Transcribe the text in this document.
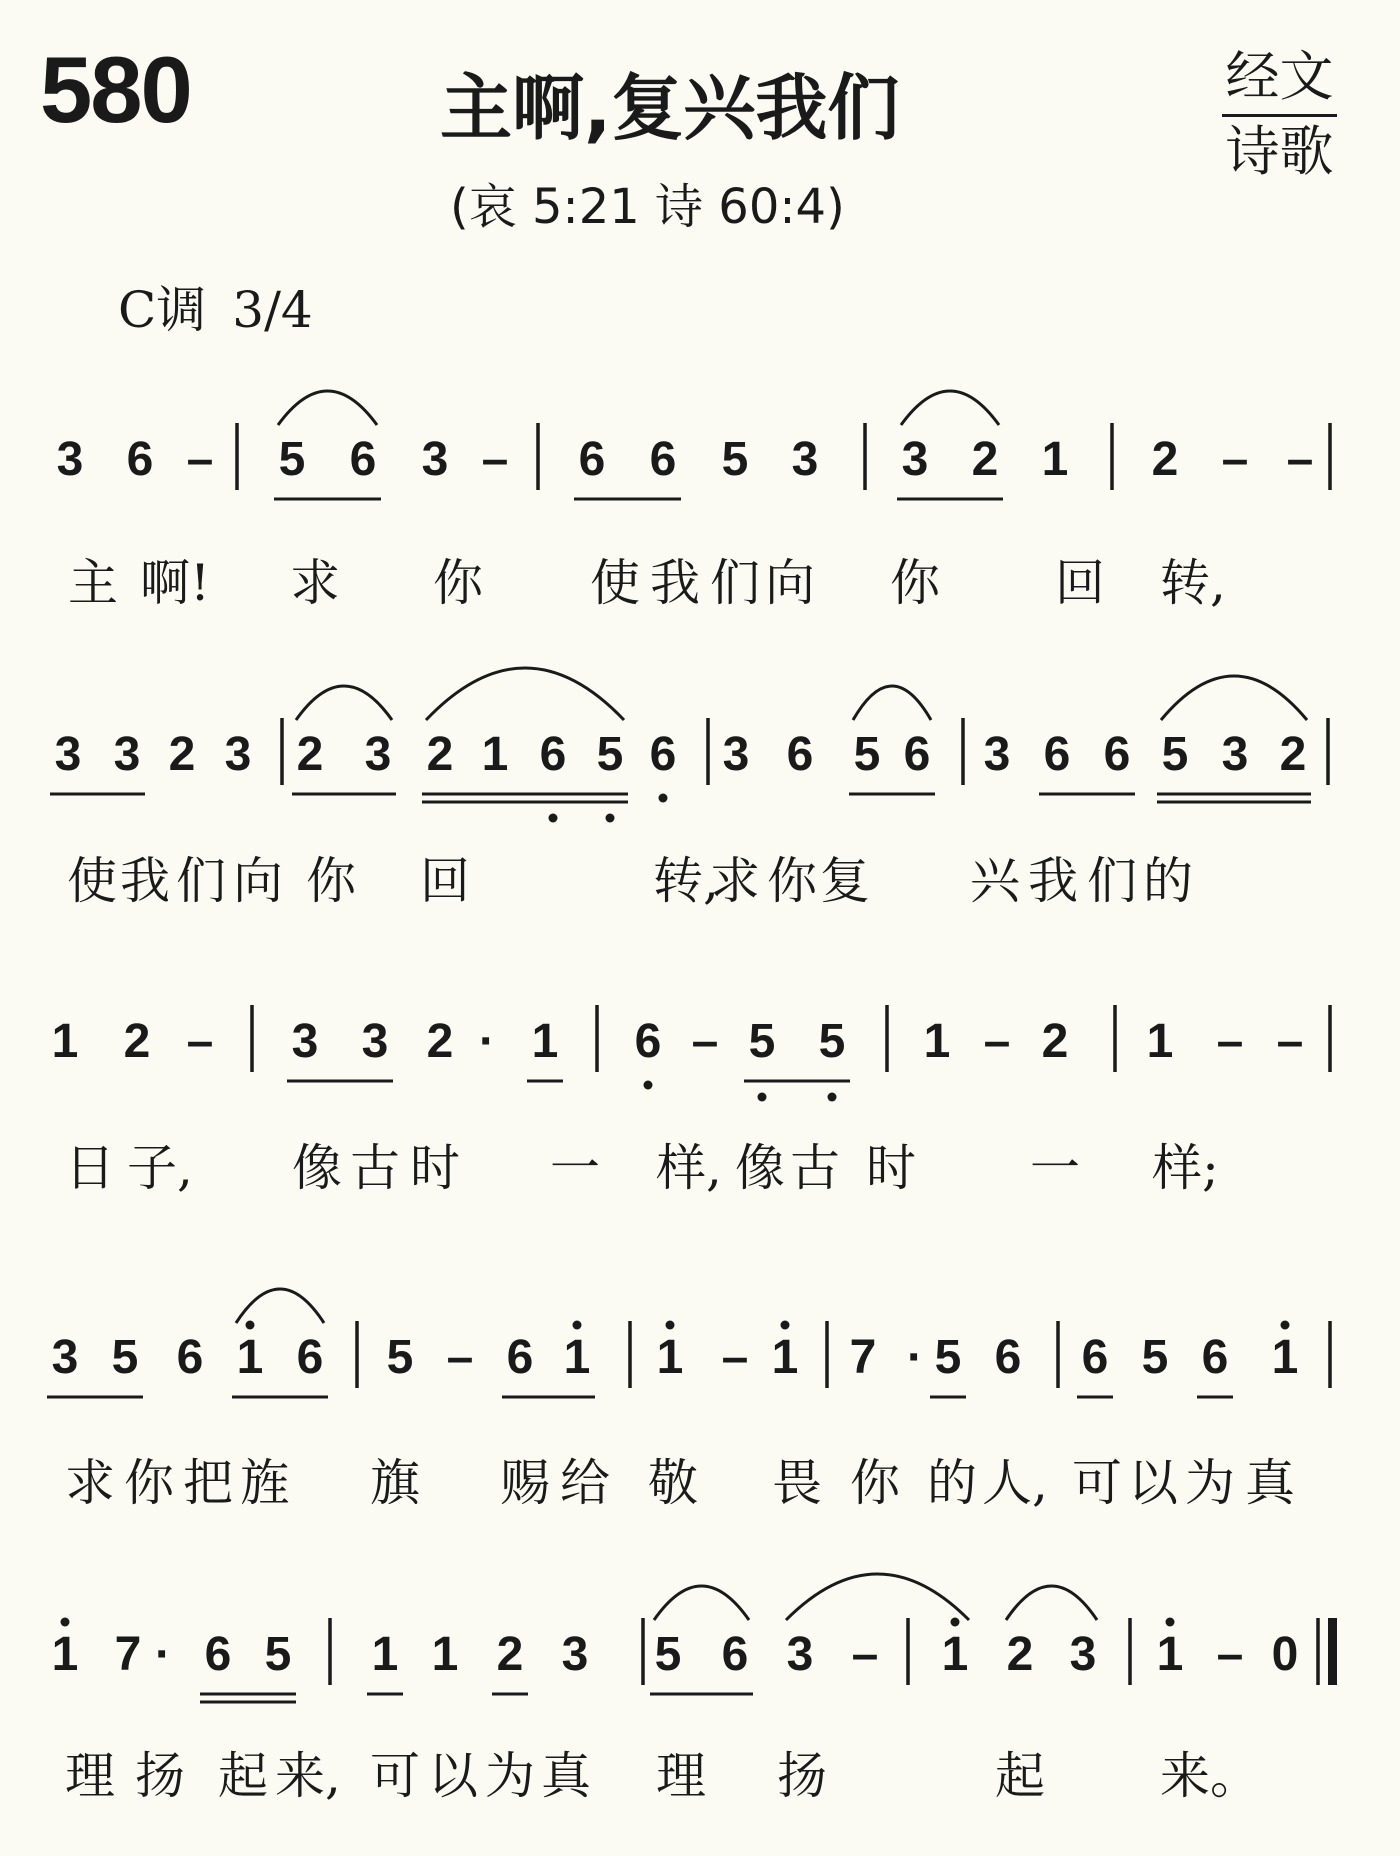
580	主啊,复兴我们
(哀 5:21 诗 60:4)
经文
诗歌
C调 3/4
3 6 – 5 6 3 – 6 6 5 3 3 2 1 2 – –
主 啊! 求 你 使 我 们 向 你 回 转,
3 3 2 3 2 3 2 1 6 5 6 3 6 5 6 3 6 6 5 3 2
使 我 们 向 你 回	转,
求 你 复 兴 我 们 的
1 2 – 3 3 2 · 1 6 – 5 5 1 – 2 1 – –
日 子, 像 古 时 一 样, 像 古 时 一 样;
3 5 6 1 6 5 – 6 1 1 – 1 7 · 5 6 6 5 6 1
求 你 把 旌 旗 赐 给 敬 畏 你 的 人, 可 以 为 真
1 7 · 6 5 1 1 2 3 5 6 3 – 1 2 3 1 – 0
理 扬 起 来, 可 以 为 真 理 扬	起 来。
